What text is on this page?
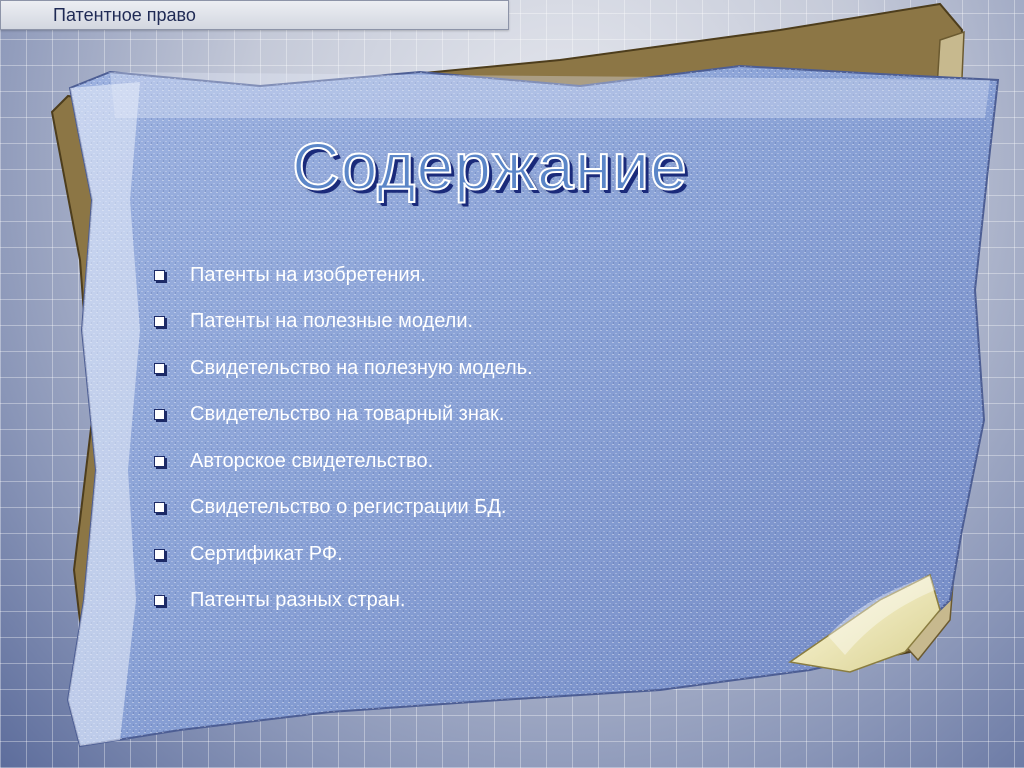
Патентное право
Содержание
Патенты на изобретения.
Патенты на полезные модели.
Свидетельство на полезную модель.
Свидетельство на товарный знак.
Авторское свидетельство.
Свидетельство о регистрации БД.
Сертификат РФ.
Патенты разных стран.
